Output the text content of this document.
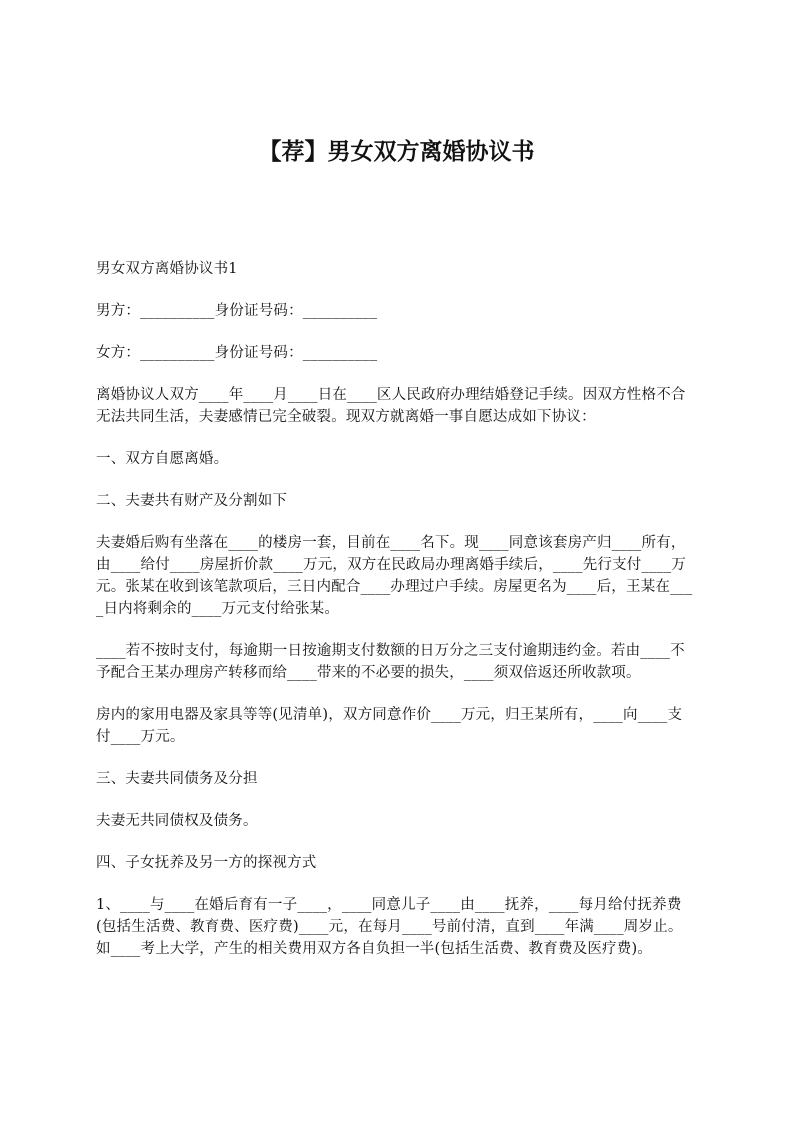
【荐】男女双方离婚协议书

男女双方离婚协议书1

男方：__________身份证号码：__________

女方：__________身份证号码：__________

离婚协议人双方____年____月____日在____区人民政府办理结婚登记手续。因双方性格不合无法共同生活，夫妻感情已完全破裂。现双方就离婚一事自愿达成如下协议：

一、双方自愿离婚。

二、夫妻共有财产及分割如下

夫妻婚后购有坐落在____的楼房一套，目前在____名下。现____同意该套房产归____所有，由____给付____房屋折价款____万元，双方在民政局办理离婚手续后，____先行支付____万元。张某在收到该笔款项后，三日内配合____办理过户手续。房屋更名为____后，王某在____日内将剩余的____万元支付给张某。

____若不按时支付，每逾期一日按逾期支付数额的日万分之三支付逾期违约金。若由____不予配合王某办理房产转移而给____带来的不必要的损失，____须双倍返还所收款项。

房内的家用电器及家具等等(见清单)，双方同意作价____万元，归王某所有，____向____支付____万元。

三、夫妻共同债务及分担

夫妻无共同债权及债务。

四、子女抚养及另一方的探视方式

1、____与____在婚后育有一子____，____同意儿子____由____抚养，____每月给付抚养费(包括生活费、教育费、医疗费)____元，在每月____号前付清，直到____年满____周岁止。如____考上大学，产生的相关费用双方各自负担一半(包括生活费、教育费及医疗费)。
